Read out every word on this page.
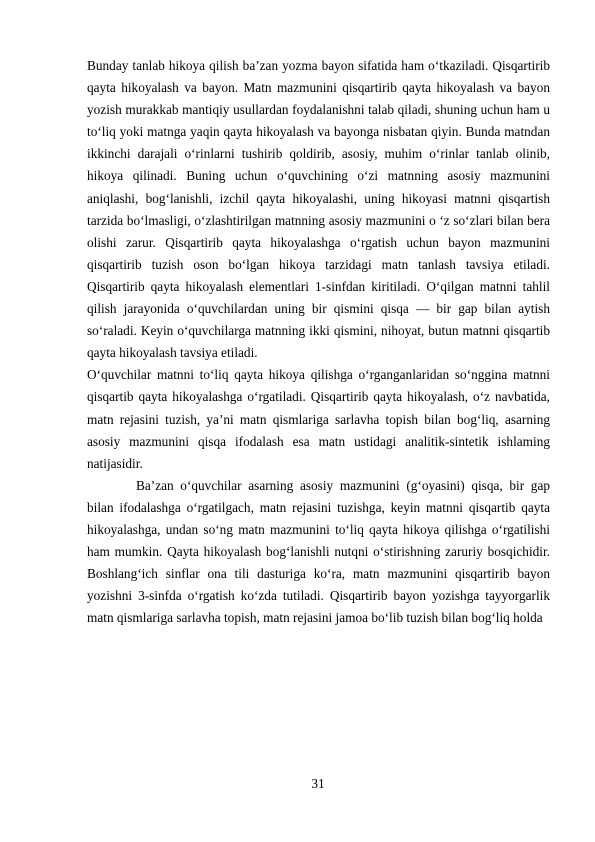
Bunday tanlab hikoya qilish ba’zan yozma bayon sifatida ham o‘tkaziladi. Qisqartirib qayta hikoyalash va bayon. Matn mazmunini qisqartirib qayta hikoyalash va bayon yozish murakkab mantiqiy usullardan foydalanishni talab qiladi, shuning uchun ham u to‘liq yoki matnga yaqin qayta hikoyalash va bayonga nisbatan qiyin. Bunda matndan ikkinchi darajali o‘rinlarni tushirib qoldirib, asosiy, muhim o‘rinlar tanlab olinib, hikoya qilinadi. Buning uchun o‘quvchining o‘zi matnning asosiy mazmunini aniqlashi, bog‘lanishli, izchil qayta hikoyalashi, uning hikoyasi matnni qisqartish tarzida bo‘lmasligi, o‘zlashtirilgan matnning asosiy mazmunini o ‘z so‘zlari bilan bera olishi zarur. Qisqartirib qayta hikoyalashga o‘rgatish uchun bayon mazmunini qisqartirib tuzish oson bo‘lgan hikoya tarzidagi matn tanlash tavsiya etiladi. Qisqartirib qayta hikoyalash elementlari 1-sinfdan kiritiladi. O‘qilgan matnni tahlil qilish jarayonida o‘quvchilardan uning bir qismini qisqa — bir gap bilan aytish so‘raladi. Keyin o‘quvchilarga matnning ikki qismini, nihoyat, butun matnni qisqartib qayta hikoyalash tavsiya etiladi.

O‘quvchilar matnni to‘liq qayta hikoya qilishga o‘rganganlaridan so‘nggina matnni qisqartib qayta hikoyalashga o‘rgatiladi. Qisqartirib qayta hikoyalash, o‘z navbatida, matn rejasini tuzish, ya’ni matn qismlariga sarlavha topish bilan bog‘liq, asarning asosiy mazmunini qisqa ifodalash esa matn ustidagi analitik-sintetik ishlaming natijasidir.

Ba’zan o‘quvchilar asarning asosiy mazmunini (g‘oyasini) qisqa, bir gap bilan ifodalashga o‘rgatilgach, matn rejasini tuzishga, keyin matnni qisqartib qayta hikoyalashga, undan so‘ng matn mazmunini to‘liq qayta hikoya qilishga o‘rgatilishi ham mumkin. Qayta hikoyalash bog‘lanishli nutqni o‘stirishning zaruriy bosqichidir. Boshlang‘ich sinflar ona tili dasturiga ko‘ra, matn mazmunini qisqartirib bayon yozishni 3-sinfda o‘rgatish ko‘zda tutiladi. Qisqartirib bayon yozishga tayyorgarlik matn qismlariga sarlavha topish, matn rejasini jamoa bo‘lib tuzish bilan bog‘liq holda

31
